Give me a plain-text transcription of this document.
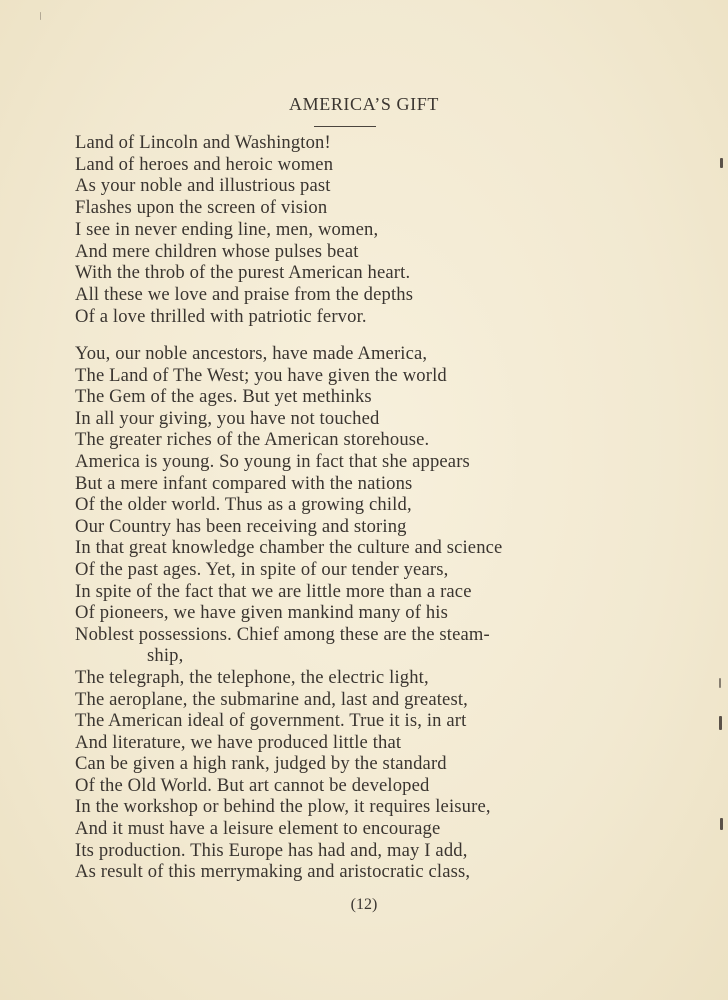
AMERICA’S GIFT
Land of Lincoln and Washington!
Land of heroes and heroic women
As your noble and illustrious past
Flashes upon the screen of vision
I see in never ending line, men, women,
And mere children whose pulses beat
With the throb of the purest American heart.
All these we love and praise from the depths
Of a love thrilled with patriotic fervor.
You, our noble ancestors, have made America,
The Land of The West; you have given the world
The Gem of the ages. But yet methinks
In all your giving, you have not touched
The greater riches of the American storehouse.
America is young. So young in fact that she appears
But a mere infant compared with the nations
Of the older world. Thus as a growing child,
Our Country has been receiving and storing
In that great knowledge chamber the culture and science
Of the past ages. Yet, in spite of our tender years,
In spite of the fact that we are little more than a race
Of pioneers, we have given mankind many of his
Noblest possessions. Chief among these are the steam-
ship,
The telegraph, the telephone, the electric light,
The aeroplane, the submarine and, last and greatest,
The American ideal of government. True it is, in art
And literature, we have produced little that
Can be given a high rank, judged by the standard
Of the Old World. But art cannot be developed
In the workshop or behind the plow, it requires leisure,
And it must have a leisure element to encourage
Its production. This Europe has had and, may I add,
As result of this merrymaking and aristocratic class,
(12)
